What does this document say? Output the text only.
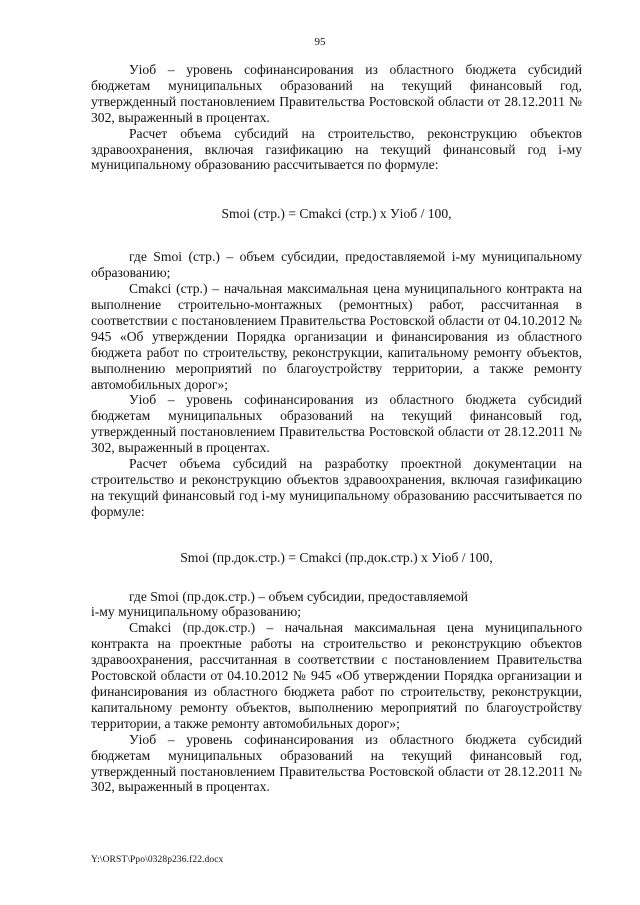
95

Уiоб – уровень софинансирования из областного бюджета субсидий бюджетам муниципальных образований на текущий финансовый год, утвержденный постановлением Правительства Ростовской области от 28.12.2011 № 302, выраженный в процентах.

Расчет объема субсидий на строительство, реконструкцию объектов здравоохранения, включая газификацию на текущий финансовый год i-му муниципальному образованию рассчитывается по формуле:

Smoi (стр.) = Cmakci (стр.) х Уiоб / 100,

где Smoi (стр.) – объем субсидии, предоставляемой i-му муниципальному образованию;

Cmakci (стр.) – начальная максимальная цена муниципального контракта на выполнение строительно-монтажных (ремонтных) работ, рассчитанная в соответствии с постановлением Правительства Ростовской области от 04.10.2012 № 945 «Об утверждении Порядка организации и финансирования из областного бюджета работ по строительству, реконструкции, капитальному ремонту объектов, выполнению мероприятий по благоустройству территории, а также ремонту автомобильных дорог»;

Уiоб – уровень софинансирования из областного бюджета субсидий бюджетам муниципальных образований на текущий финансовый год, утвержденный постановлением Правительства Ростовской области от 28.12.2011 № 302, выраженный в процентах.

Расчет объема субсидий на разработку проектной документации на строительство и реконструкцию объектов здравоохранения, включая газификацию на текущий финансовый год i-му муниципальному образованию рассчитывается по формуле:

Smoi (пр.док.стр.) = Cmakci (пр.док.стр.) х Уiоб / 100,

где Smoi (пр.док.стр.) – объем субсидии, предоставляемой

i-му муниципальному образованию;

Cmakci (пр.док.стр.) – начальная максимальная цена муниципального контракта на проектные работы на строительство и реконструкцию объектов здравоохранения, рассчитанная в соответствии с постановлением Правительства Ростовской области от 04.10.2012 № 945 «Об утверждении Порядка организации и финансирования из областного бюджета работ по строительству, реконструкции, капитальному ремонту объектов, выполнению мероприятий по благоустройству территории, а также ремонту автомобильных дорог»;

Уiоб – уровень софинансирования из областного бюджета субсидий бюджетам муниципальных образований на текущий финансовый год, утвержденный постановлением Правительства Ростовской области от 28.12.2011 № 302, выраженный в процентах.

Y:\ORST\Ppo\0328p236.f22.docx
